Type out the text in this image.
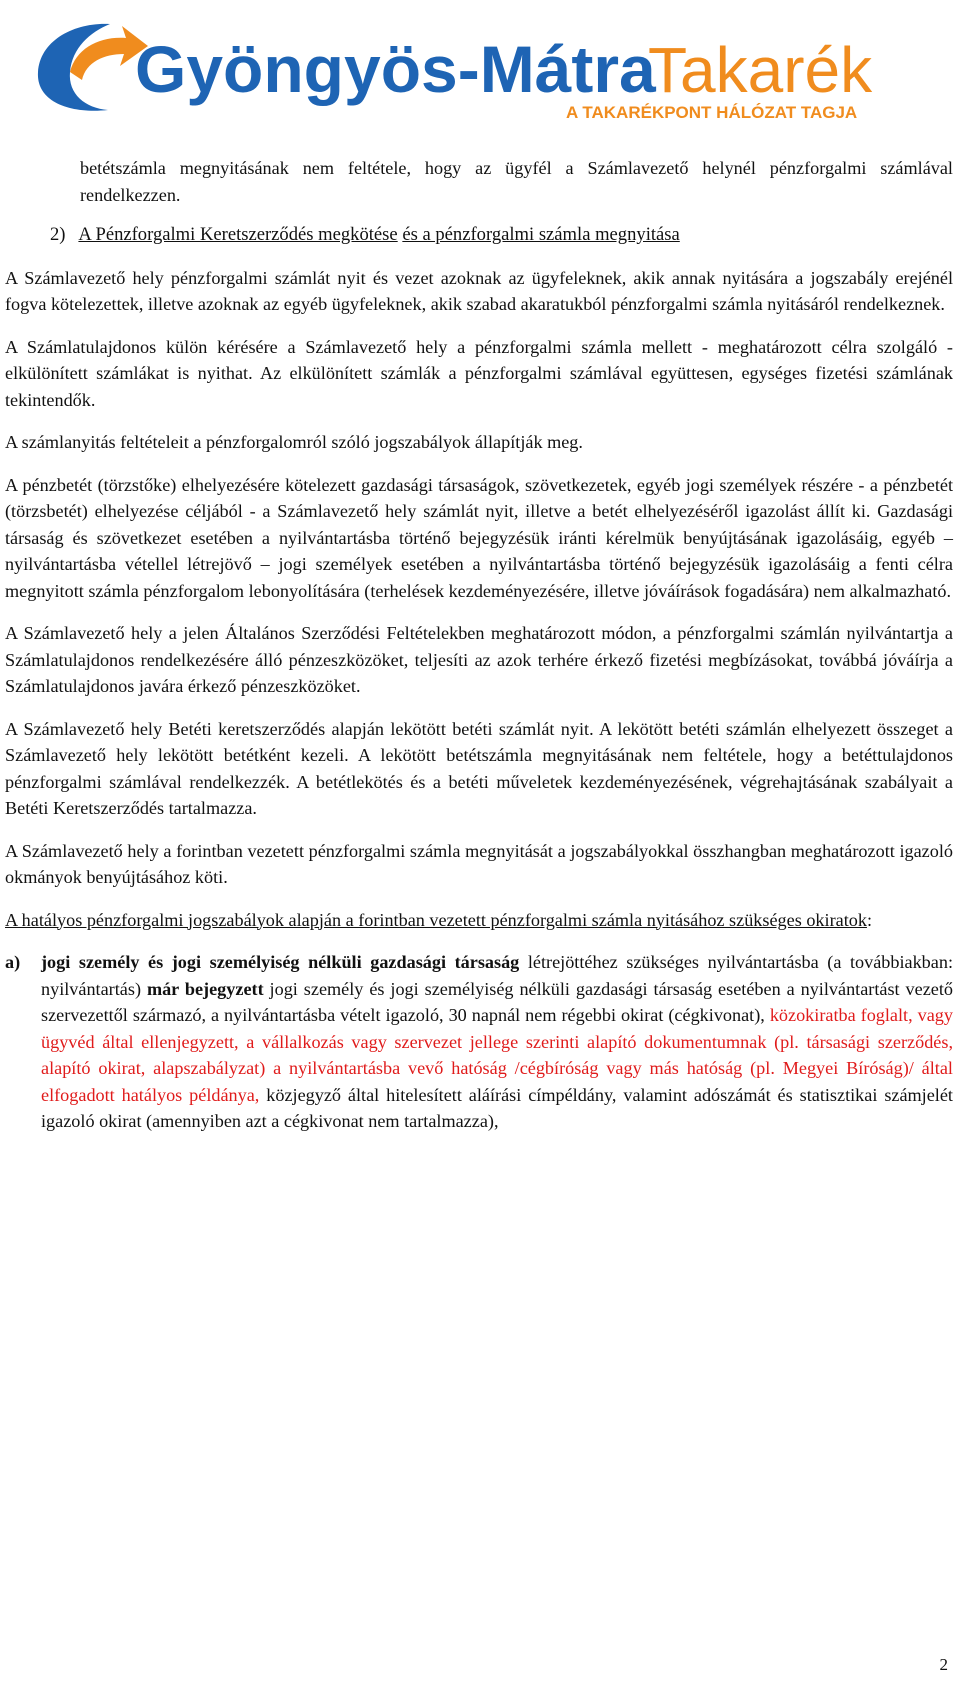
Gyöngyös-Mátra
Takarék
A TAKARÉKPONT HÁLÓZAT TAGJA

betétszámla megnyitásának nem feltétele, hogy az ügyfél a Számlavezető helynél pénzforgalmi számlával rendelkezzen.

2) A Pénzforgalmi Keretszerződés megkötése és a pénzforgalmi számla megnyitása

A Számlavezető hely pénzforgalmi számlát nyit és vezet azoknak az ügyfeleknek, akik annak nyitására a jogszabály erejénél fogva kötelezettek, illetve azoknak az egyéb ügyfeleknek, akik szabad akaratukból pénzforgalmi számla nyitásáról rendelkeznek.

A Számlatulajdonos külön kérésére a Számlavezető hely a pénzforgalmi számla mellett - meghatározott célra szolgáló - elkülönített számlákat is nyithat. Az elkülönített számlák a pénzforgalmi számlával együttesen, egységes fizetési számlának tekintendők.

A számlanyitás feltételeit a pénzforgalomról szóló jogszabályok állapítják meg.

A pénzbetét (törzstőke) elhelyezésére kötelezett gazdasági társaságok, szövetkezetek, egyéb jogi személyek részére - a pénzbetét (törzsbetét) elhelyezése céljából - a Számlavezető hely számlát nyit, illetve a betét elhelyezéséről igazolást állít ki. Gazdasági társaság és szövetkezet esetében a nyilvántartásba történő bejegyzésük iránti kérelmük benyújtásának igazolásáig, egyéb – nyilvántartásba vétellel létrejövő – jogi személyek esetében a nyilvántartásba történő bejegyzésük igazolásáig a fenti célra megnyitott számla pénzforgalom lebonyolítására (terhelések kezdeményezésére, illetve jóváírások fogadására) nem alkalmazható.

A Számlavezető hely a jelen Általános Szerződési Feltételekben meghatározott módon, a pénzforgalmi számlán nyilvántartja a Számlatulajdonos rendelkezésére álló pénzeszközöket, teljesíti az azok terhére érkező fizetési megbízásokat, továbbá jóváírja a Számlatulajdonos javára érkező pénzeszközöket.

A Számlavezető hely Betéti keretszerződés alapján lekötött betéti számlát nyit. A lekötött betéti számlán elhelyezett összeget a Számlavezető hely lekötött betétként kezeli. A lekötött betétszámla megnyitásának nem feltétele, hogy a betéttulajdonos pénzforgalmi számlával rendelkezzék. A betétlekötés és a betéti műveletek kezdeményezésének, végrehajtásának szabályait a Betéti Keretszerződés tartalmazza.

A Számlavezető hely a forintban vezetett pénzforgalmi számla megnyitását a jogszabályokkal összhangban meghatározott igazoló okmányok benyújtásához köti.

A hatályos pénzforgalmi jogszabályok alapján a forintban vezetett pénzforgalmi számla nyitásához szükséges okiratok:

a)	jogi személy és jogi személyiség nélküli gazdasági társaság létrejöttéhez szükséges nyilvántartásba (a továbbiakban: nyilvántartás) már bejegyzett jogi személy és jogi személyiség nélküli gazdasági társaság esetében a nyilvántartást vezető szervezettől származó, a nyilvántartásba vételt igazoló, 30 napnál nem régebbi okirat (cégkivonat), közokiratba foglalt, vagy ügyvéd által ellenjegyzett, a vállalkozás vagy szervezet jellege szerinti alapító dokumentumnak (pl. társasági szerződés, alapító okirat, alapszabályzat) a nyilvántartásba vevő hatóság /cégbíróság vagy más hatóság (pl. Megyei Bíróság)/ által elfogadott hatályos példánya, közjegyző által hitelesített aláírási címpéldány, valamint adószámát és statisztikai számjelét igazoló okirat (amennyiben azt a cégkivonat nem tartalmazza),
2
